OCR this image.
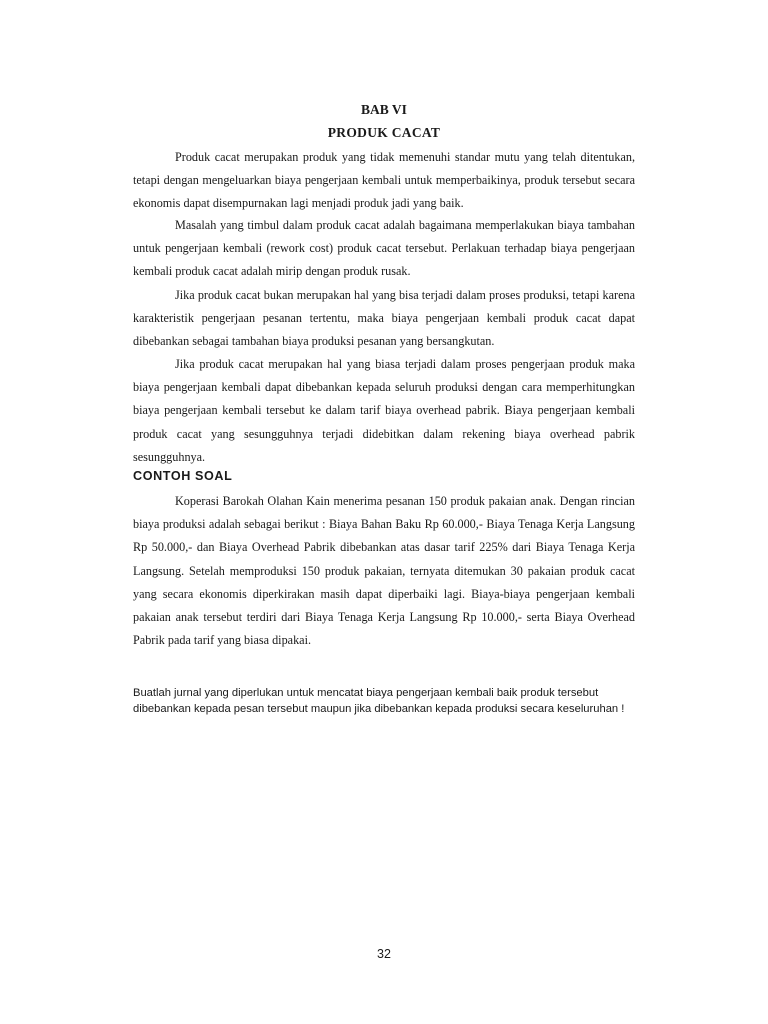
BAB VI
PRODUK CACAT

Produk cacat merupakan produk yang tidak memenuhi standar mutu yang telah ditentukan, tetapi dengan mengeluarkan biaya pengerjaan kembali untuk memperbaikinya, produk tersebut secara ekonomis dapat disempurnakan lagi menjadi produk jadi yang baik.

Masalah yang timbul dalam produk cacat adalah bagaimana memperlakukan biaya tambahan untuk pengerjaan kembali (rework cost) produk cacat tersebut. Perlakuan terhadap biaya pengerjaan kembali produk cacat adalah mirip dengan produk rusak.

Jika produk cacat bukan merupakan hal yang bisa terjadi dalam proses produksi, tetapi karena karakteristik pengerjaan pesanan tertentu, maka biaya pengerjaan kembali produk cacat dapat dibebankan sebagai tambahan biaya produksi pesanan yang bersangkutan.

Jika produk cacat merupakan hal yang biasa terjadi dalam proses pengerjaan produk maka biaya pengerjaan kembali dapat dibebankan kepada seluruh produksi dengan cara memperhitungkan biaya pengerjaan kembali tersebut ke dalam tarif biaya overhead pabrik. Biaya pengerjaan kembali produk cacat yang sesungguhnya terjadi didebitkan dalam rekening biaya overhead pabrik sesungguhnya.

CONTOH SOAL

Koperasi Barokah Olahan Kain menerima pesanan 150 produk pakaian anak. Dengan rincian biaya produksi adalah sebagai berikut : Biaya Bahan Baku Rp 60.000,- Biaya Tenaga Kerja Langsung Rp 50.000,- dan Biaya Overhead Pabrik dibebankan atas dasar tarif 225% dari Biaya Tenaga Kerja Langsung. Setelah memproduksi 150 produk pakaian, ternyata ditemukan 30 pakaian produk cacat yang secara ekonomis diperkirakan masih dapat diperbaiki lagi. Biaya-biaya pengerjaan kembali pakaian anak tersebut terdiri dari Biaya Tenaga Kerja Langsung Rp 10.000,- serta Biaya Overhead Pabrik pada tarif yang biasa dipakai.

Buatlah jurnal yang diperlukan untuk mencatat biaya pengerjaan kembali baik produk tersebut dibebankan kepada pesan tersebut maupun jika dibebankan kepada produksi secara keseluruhan !

32
